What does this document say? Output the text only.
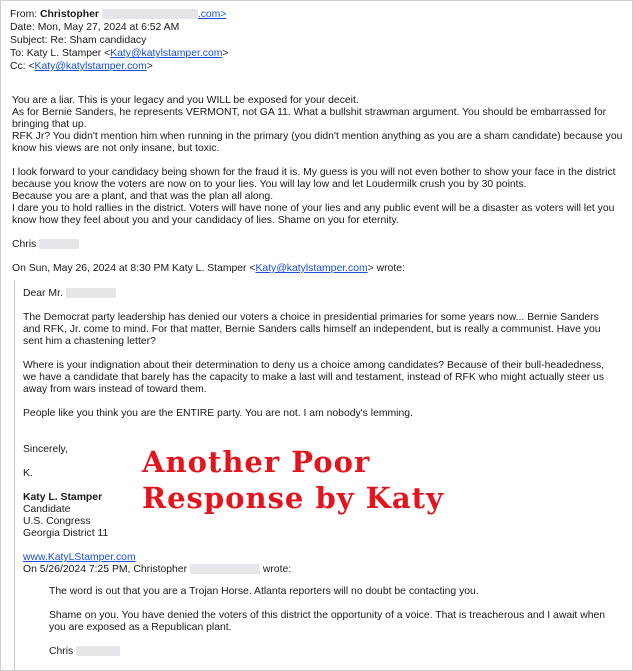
From: Christopher	.com>
Date: Mon, May 27, 2024 at 6:52 AM
Subject: Re: Sham candidacy
To: Katy L. Stamper <Katy@katylstamper.com>
Cc: <Katy@katylstamper.com>

You are a liar. This is your legacy and you WILL be exposed for your deceit.

As for Bernie Sanders, he represents VERMONT, not GA 11. What a bullshit strawman argument. You should be embarrassed for bringing that up.

RFK Jr? You didn't mention him when running in the primary (you didn't mention anything as you are a sham candidate) because you know his views are not only insane, but toxic.

I look forward to your candidacy being shown for the fraud it is. My guess is you will not even bother to show your face in the district because you know the voters are now on to your lies. You will lay low and let Loudermilk crush you by 30 points.

Because you are a plant, and that was the plan all along.

I dare you to hold rallies in the district. Voters will have none of your lies and any public event will be a disaster as voters will let you know how they feel about you and your candidacy of lies. Shame on you for eternity.

Chris

On Sun, May 26, 2024 at 8:30 PM Katy L. Stamper <Katy@katylstamper.com> wrote:

Dear Mr.

The Democrat party leadership has denied our voters a choice in presidential primaries for some years now... Bernie Sanders and RFK, Jr. come to mind. For that matter, Bernie Sanders calls himself an independent, but is really a communist. Have you sent him a chastening letter?

Where is your indignation about their determination to deny us a choice among candidates? Because of their bull-headedness, we have a candidate that barely has the capacity to make a last will and testament, instead of RFK who might actually steer us away from wars instead of toward them.

People like you think you are the ENTIRE party. You are not. I am nobody's lemming.

Sincerely,

K.

Katy L. Stamper

Candidate

U.S. Congress

Georgia District 11

www.KatyLStamper.com

On 5/26/2024 7:25 PM, Christopher	wrote:

The word is out that you are a Trojan Horse. Atlanta reporters will no doubt be contacting you.

Shame on you. You have denied the voters of this district the opportunity of a voice. That is treacherous and I await when you are exposed as a Republican plant.

Chris

Another Poor
Response by Katy
